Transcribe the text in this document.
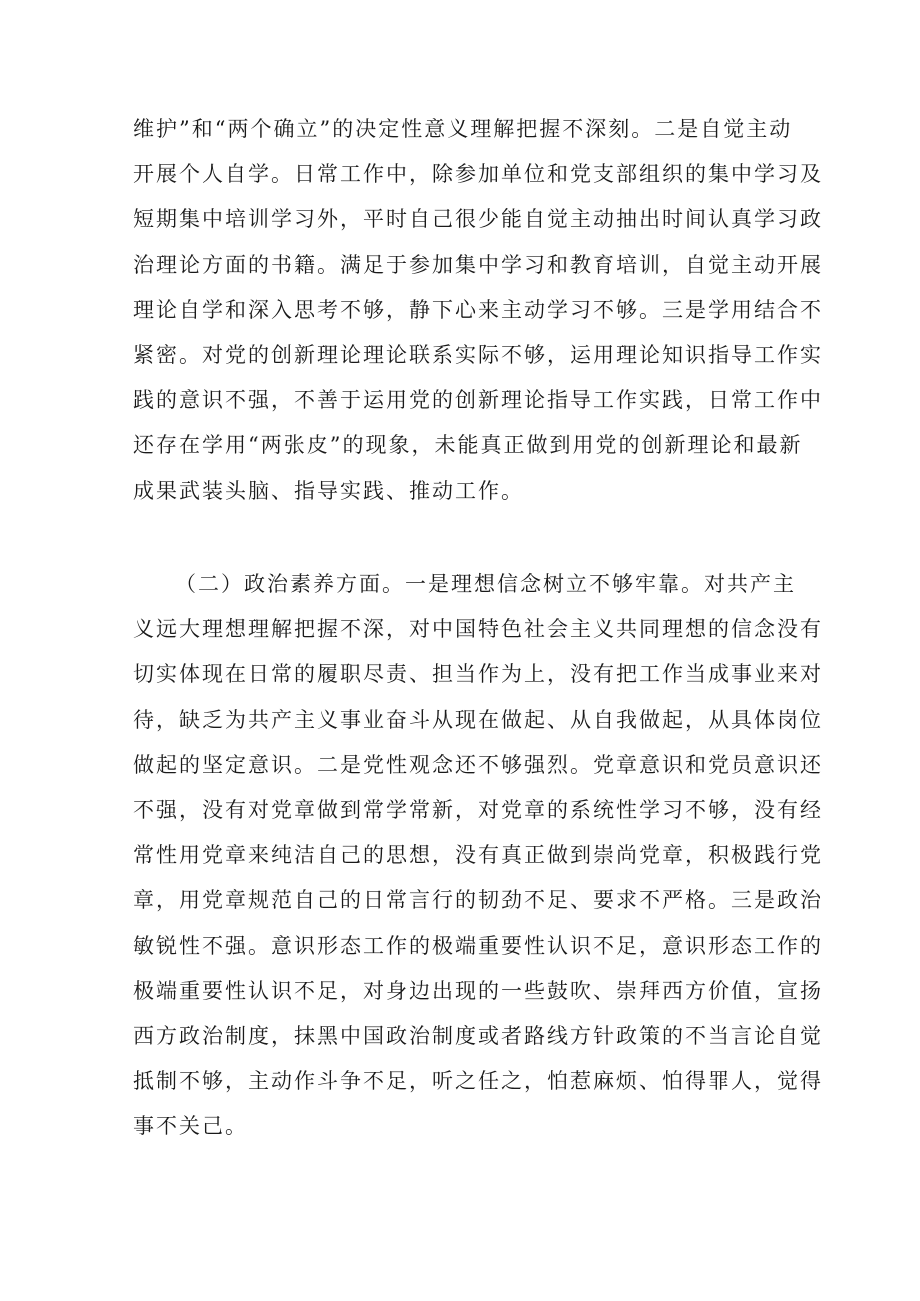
维护”和“两个确立”的决定性意义理解把握不深刻。二是自觉主动
开展个人自学。日常工作中，除参加单位和党支部组织的集中学习及
短期集中培训学习外，平时自己很少能自觉主动抽出时间认真学习政
治理论方面的书籍。满足于参加集中学习和教育培训，自觉主动开展
理论自学和深入思考不够，静下心来主动学习不够。三是学用结合不
紧密。对党的创新理论理论联系实际不够，运用理论知识指导工作实
践的意识不强，不善于运用党的创新理论指导工作实践，日常工作中
还存在学用“两张皮”的现象，未能真正做到用党的创新理论和最新
成果武装头脑、指导实践、推动工作。
（二）政治素养方面。一是理想信念树立不够牢靠。对共产主
义远大理想理解把握不深，对中国特色社会主义共同理想的信念没有
切实体现在日常的履职尽责、担当作为上，没有把工作当成事业来对
待，缺乏为共产主义事业奋斗从现在做起、从自我做起，从具体岗位
做起的坚定意识。二是党性观念还不够强烈。党章意识和党员意识还
不强，没有对党章做到常学常新，对党章的系统性学习不够，没有经
常性用党章来纯洁自己的思想，没有真正做到崇尚党章，积极践行党
章，用党章规范自己的日常言行的韧劲不足、要求不严格。三是政治
敏锐性不强。意识形态工作的极端重要性认识不足，意识形态工作的
极端重要性认识不足，对身边出现的一些鼓吹、崇拜西方价值，宣扬
西方政治制度，抹黑中国政治制度或者路线方针政策的不当言论自觉
抵制不够，主动作斗争不足，听之任之，怕惹麻烦、怕得罪人，觉得
事不关己。
